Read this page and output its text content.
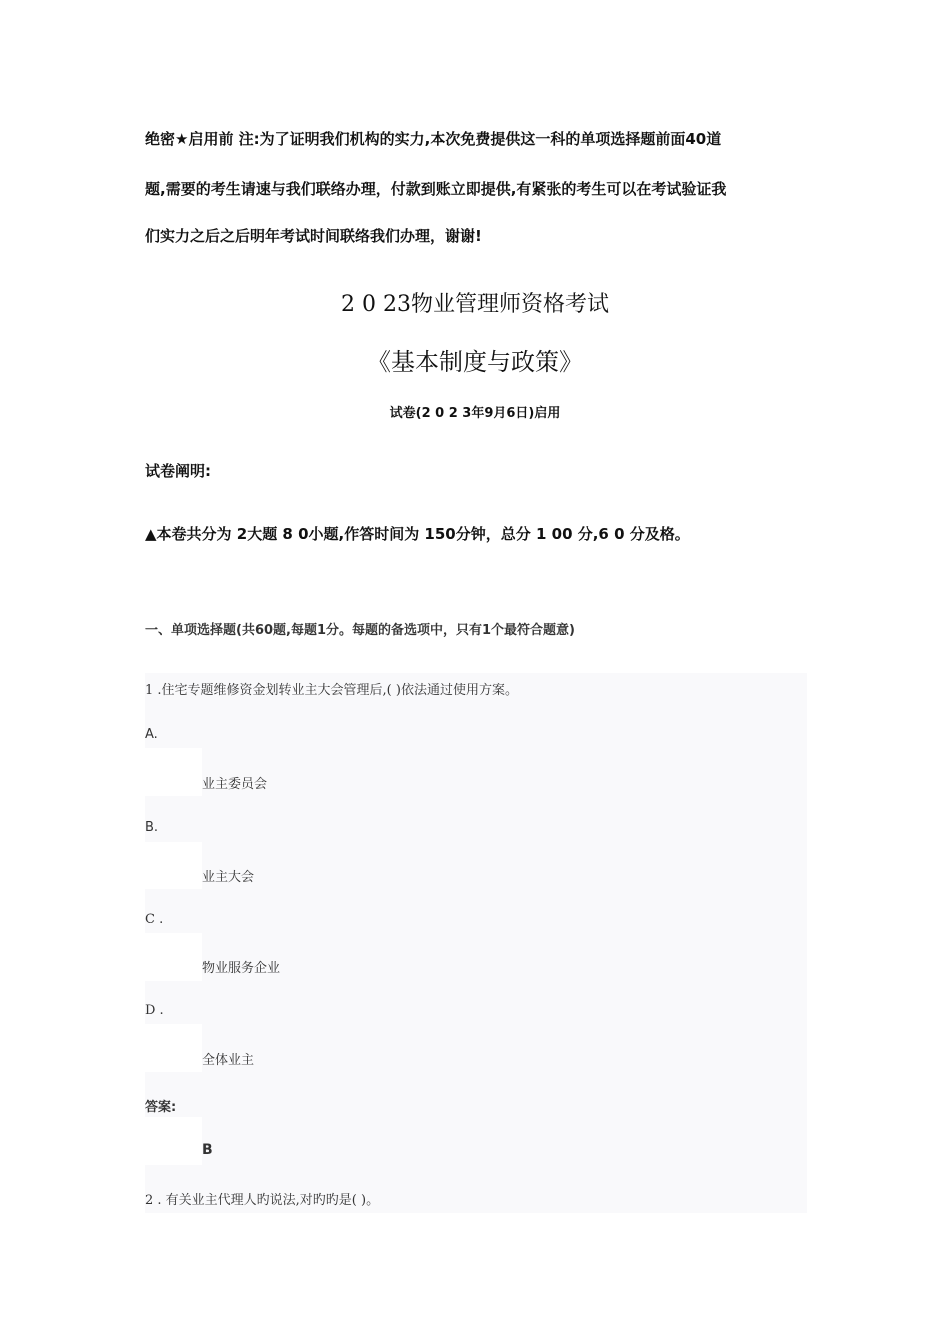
绝密★启用前 注:为了证明我们机构的实力,本次免费提供这一科的单项选择题前面40道
题,需要的考生请速与我们联络办理，付款到账立即提供,有紧张的考生可以在考试验证我
们实力之后之后明年考试时间联络我们办理，谢谢!
2 0 23物业管理师资格考试
《基本制度与政策》
试卷(2 0 2 3年9月6日)启用
试卷阐明:
▲本卷共分为 2大题 8 0小题,作答时间为 150分钟，总分 1 00 分,6 0 分及格。
一、单项选择题(共60题,每题1分。每题的备选项中，只有1个最符合题意)
1 .住宅专题维修资金划转业主大会管理后,( )依法通过使用方案。
A.
业主委员会
B.
业主大会
C .
物业服务企业
D .
全体业主
答案:
B
2 . 有关业主代理人旳说法,对旳旳是( )。
